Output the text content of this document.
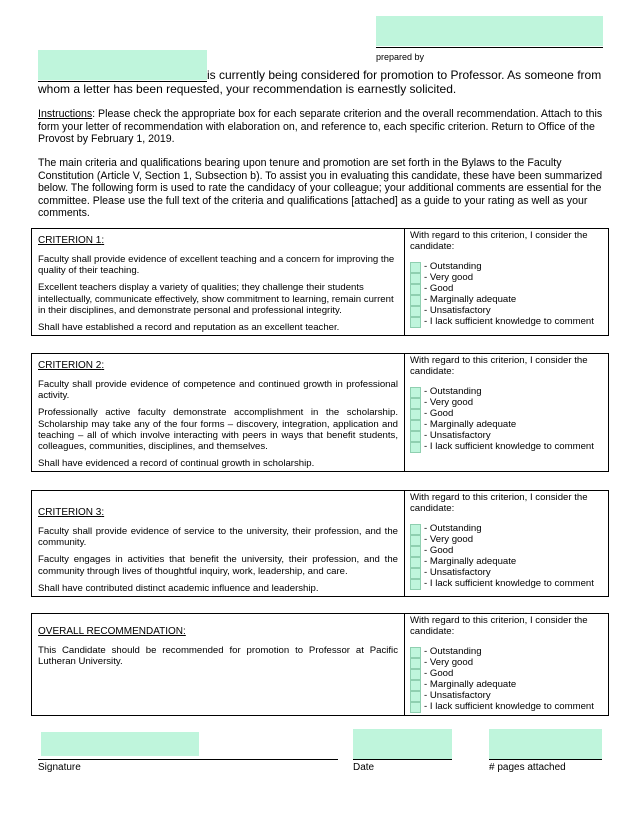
prepared by
is currently being considered for promotion to Professor. As someone from
whom a letter has been requested, your recommendation is earnestly solicited.
Instructions: Please check the appropriate box for each separate criterion and the overall recommendation. Attach to this form your letter of recommendation with elaboration on, and reference to, each specific criterion. Return to Office of the Provost by February 1, 2019.
The main criteria and qualifications bearing upon tenure and promotion are set forth in the Bylaws to the Faculty Constitution (Article V, Section 1, Subsection b). To assist you in evaluating this candidate, these have been summarized below. The following form is used to rate the candidacy of your colleague; your additional comments are essential for the committee. Please use the full text of the criteria and qualifications [attached] as a guide to your rating as well as your comments.
CRITERION 1:

Faculty shall provide evidence of excellent teaching and a concern for improving the quality of their teaching.

Excellent teachers display a variety of qualities; they challenge their students intellectually, communicate effectively, show commitment to learning, remain current in their disciplines, and demonstrate personal and professional integrity.

Shall have established a record and reputation as an excellent teacher.

With regard to this criterion, I consider the candidate:
- Outstanding
- Very good
- Good
- Marginally adequate
- Unsatisfactory
- I lack sufficient knowledge to comment
CRITERION 2:

Faculty shall provide evidence of competence and continued growth in professional activity.

Professionally active faculty demonstrate accomplishment in the scholarship. Scholarship may take any of the four forms – discovery, integration, application and teaching – all of which involve interacting with peers in ways that benefit students, colleagues, communities, disciplines, and themselves.

Shall have evidenced a record of continual growth in scholarship.

With regard to this criterion, I consider the candidate:
- Outstanding
- Very good
- Good
- Marginally adequate
- Unsatisfactory
- I lack sufficient knowledge to comment
CRITERION 3:

Faculty shall provide evidence of service to the university, their profession, and the community.

Faculty engages in activities that benefit the university, their profession, and the community through lives of thoughtful inquiry, work, leadership, and care.

Shall have contributed distinct academic influence and leadership.

With regard to this criterion, I consider the candidate:
- Outstanding
- Very good
- Good
- Marginally adequate
- Unsatisfactory
- I lack sufficient knowledge to comment
OVERALL RECOMMENDATION:

This Candidate should be recommended for promotion to Professor at Pacific Lutheran University.

With regard to this criterion, I consider the candidate:
- Outstanding
- Very good
- Good
- Marginally adequate
- Unsatisfactory
- I lack sufficient knowledge to comment
Signature	Date	# pages attached
